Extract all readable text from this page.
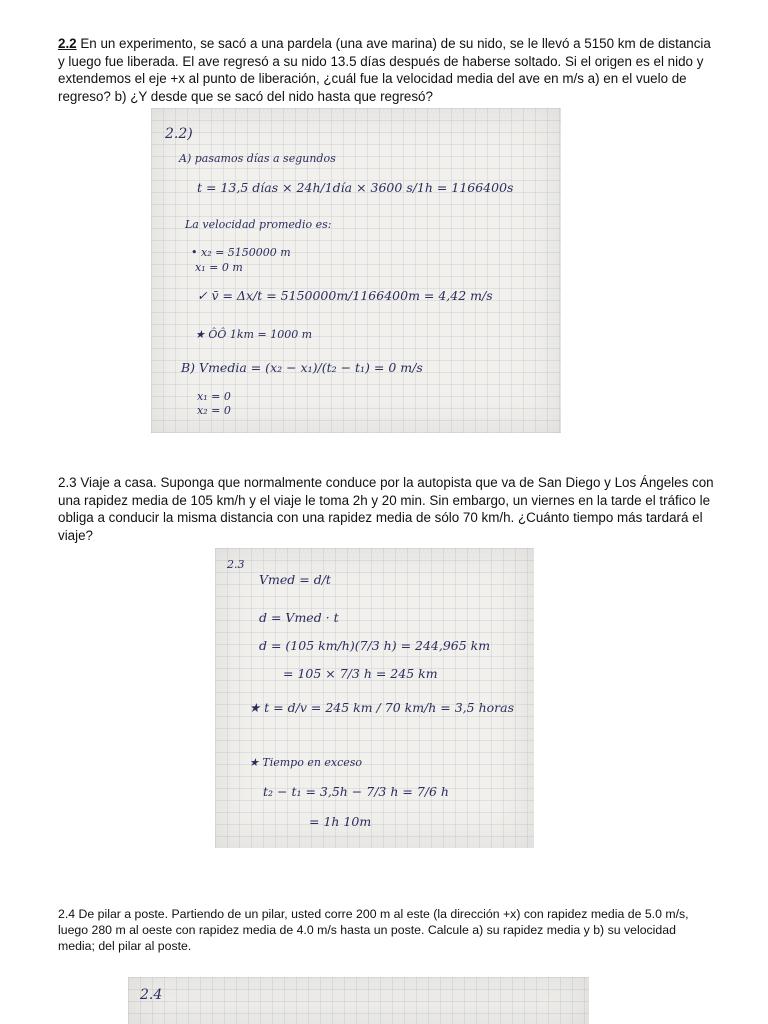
2.2 En un experimento, se sacó a una pardela (una ave marina) de su nido, se le llevó a 5150 km de distancia y luego fue liberada. El ave regresó a su nido 13.5 días después de haberse soltado. Si el origen es el nido y extendemos el eje +x al punto de liberación, ¿cuál fue la velocidad media del ave en m/s a) en el vuelo de regreso? b) ¿Y desde que se sacó del nido hasta que regresó?
2.2)
A) pasamos días a segundos
t = 13,5 días × 24h/1día × 3600 s/1h = 1166400s
La velocidad promedio es:
• x₂ = 5150000 m
x₁ = 0 m
✓ v̄ = Δx/t = 5150000m/1166400m = 4,42 m/s
★ ÔÔ 1km = 1000 m
B) Vmedia = (x₂ − x₁)/(t₂ − t₁) = 0 m/s
x₁ = 0
x₂ = 0
2.3 Viaje a casa. Suponga que normalmente conduce por la autopista que va de San Diego y Los Ángeles con una rapidez media de 105 km/h y el viaje le toma 2h y 20 min. Sin embargo, un viernes en la tarde el tráfico le obliga a conducir la misma distancia con una rapidez media de sólo 70 km/h. ¿Cuánto tiempo más tardará el viaje?
2.3
Vmed = d/t
d = Vmed · t
d = (105 km/h)(7/3 h) = 244,965 km
= 105 × 7/3 h = 245 km
★ t = d/v = 245 km / 70 km/h = 3,5 horas
★ Tiempo en exceso
t₂ − t₁ = 3,5h − 7/3 h = 7/6 h
= 1h 10m
2.4 De pilar a poste. Partiendo de un pilar, usted corre 200 m al este (la dirección +x) con rapidez media de 5.0 m/s, luego 280 m al oeste con rapidez media de 4.0 m/s hasta un poste. Calcule a) su rapidez media y b) su velocidad media; del pilar al poste.
2.4
